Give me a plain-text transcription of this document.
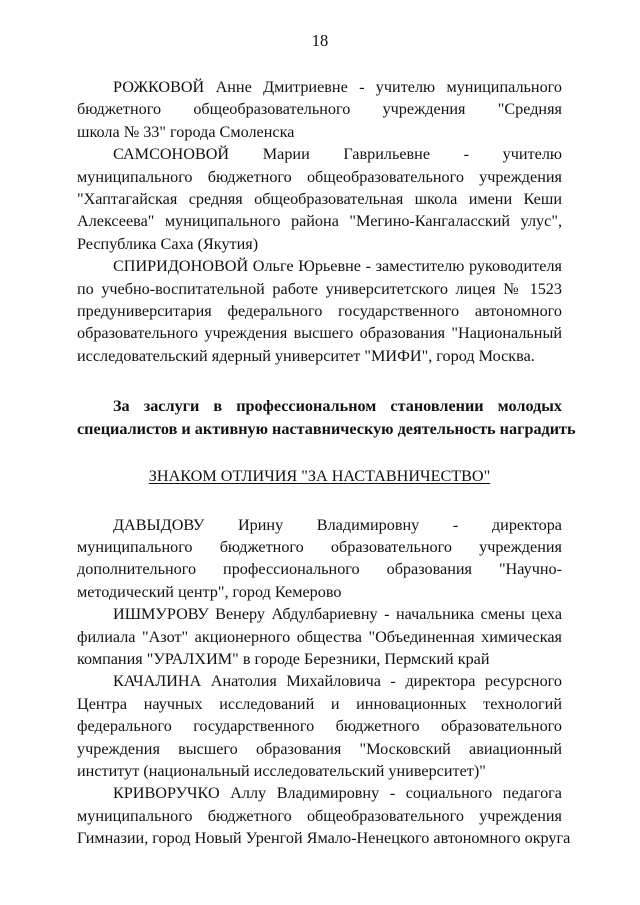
18
РОЖКОВОЙ Анне Дмитриевне - учителю муниципального
бюджетного общеобразовательного учреждения "Средняя
школа № 33" города Смоленска
САМСОНОВОЙ Марии Гаврильевне - учителю
муниципального бюджетного общеобразовательного учреждения
"Хаптагайская средняя общеобразовательная школа имени Кеши
Алексеева" муниципального района "Мегино-Кангаласский улус",
Республика Саха (Якутия)
СПИРИДОНОВОЙ Ольге Юрьевне - заместителю руководителя
по учебно-воспитательной работе университетского лицея № 1523
предуниверситария федерального государственного автономного
образовательного учреждения высшего образования "Национальный
исследовательский ядерный университет "МИФИ", город Москва.
За заслуги в профессиональном становлении молодых
специалистов и активную наставническую деятельность наградить
ЗНАКОМ ОТЛИЧИЯ "ЗА НАСТАВНИЧЕСТВО"
ДАВЫДОВУ Ирину Владимировну - директора
муниципального бюджетного образовательного учреждения
дополнительного профессионального образования "Научно-
методический центр", город Кемерово
ИШМУРОВУ Венеру Абдулбариевну - начальника смены цеха
филиала "Азот" акционерного общества "Объединенная химическая
компания "УРАЛХИМ" в городе Березники, Пермский край
КАЧАЛИНА Анатолия Михайловича - директора ресурсного
Центра научных исследований и инновационных технологий
федерального государственного бюджетного образовательного
учреждения высшего образования "Московский авиационный
институт (национальный исследовательский университет)"
КРИВОРУЧКО Аллу Владимировну - социального педагога
муниципального бюджетного общеобразовательного учреждения
Гимназии, город Новый Уренгой Ямало-Ненецкого автономного округа
